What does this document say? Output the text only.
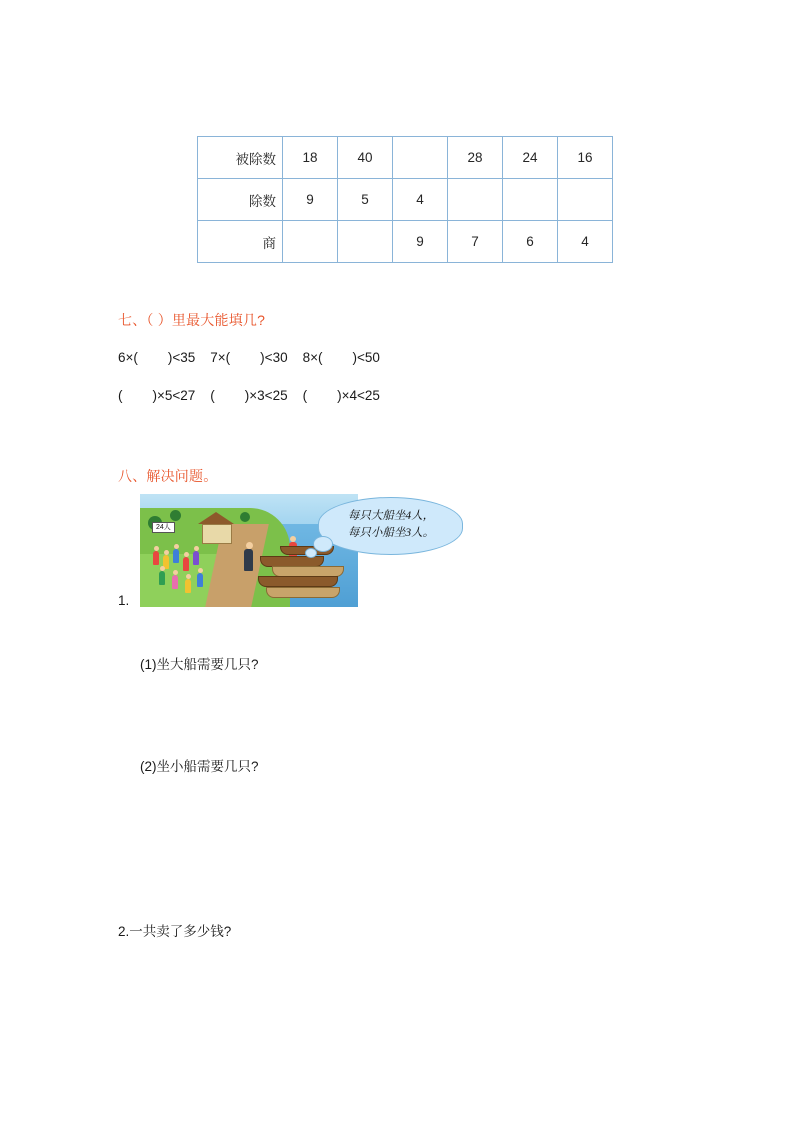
被除数	18	40		28	24	16
除数	9	5	4			
商			9	7	6	4
七、（ ）里最大能填几?
6×(        )<35    7×(        )<30    8×(        )<50
(        )×5<27    (        )×3<25    (        )×4<25
八、解决问题。
24人
每只大船坐4人，
每只小船坐3人。
1.
(1)坐大船需要几只?
(2)坐小船需要几只?
2.一共卖了多少钱?
